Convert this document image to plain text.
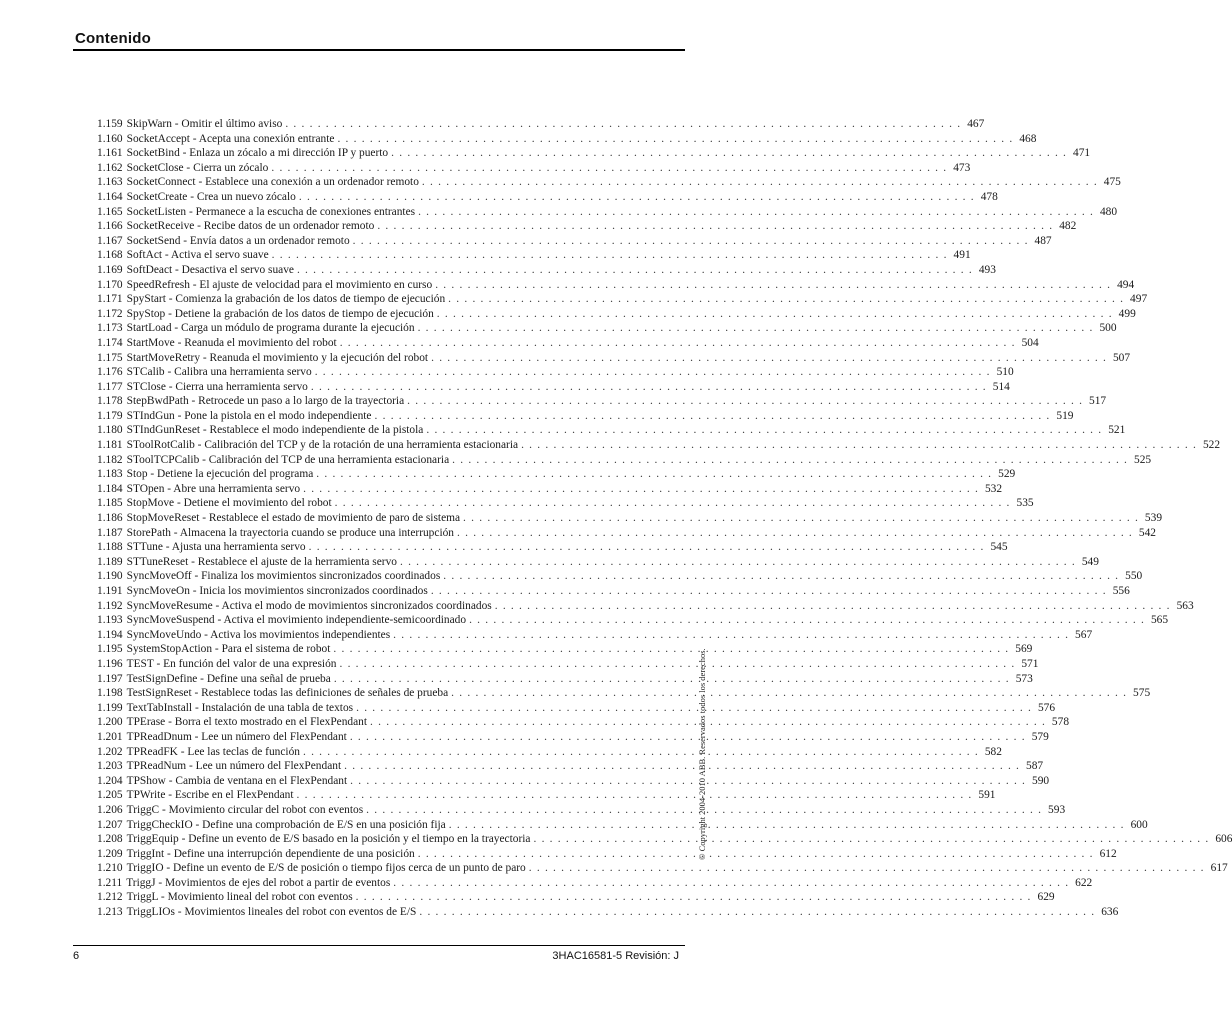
Contenido
1.159 SkipWarn - Omitir el último aviso . . .	467
1.160 SocketAccept - Acepta una conexión entrante . . .	468
1.161 SocketBind - Enlaza un zócalo a mi dirección IP y puerto . . .	471
1.162 SocketClose - Cierra un zócalo . . .	473
1.163 SocketConnect - Establece una conexión a un ordenador remoto . . .	475
1.164 SocketCreate - Crea un nuevo zócalo . . .	478
1.165 SocketListen - Permanece a la escucha de conexiones entrantes . . .	480
1.166 SocketReceive - Recibe datos de un ordenador remoto . . .	482
1.167 SocketSend - Envía datos a un ordenador remoto . . .	487
1.168 SoftAct - Activa el servo suave . . .	491
1.169 SoftDeact - Desactiva el servo suave . . .	493
1.170 SpeedRefresh - El ajuste de velocidad para el movimiento en curso . . .	494
1.171 SpyStart - Comienza la grabación de los datos de tiempo de ejecución . . .	497
1.172 SpyStop - Detiene la grabación de los datos de tiempo de ejecución . . .	499
1.173 StartLoad - Carga un módulo de programa durante la ejecución . . .	500
1.174 StartMove - Reanuda el movimiento del robot . . .	504
1.175 StartMoveRetry - Reanuda el movimiento y la ejecución del robot . . .	507
1.176 STCalib - Calibra una herramienta servo . . .	510
1.177 STClose - Cierra una herramienta servo . . .	514
1.178 StepBwdPath - Retrocede un paso a lo largo de la trayectoria . . .	517
1.179 STIndGun - Pone la pistola en el modo independiente . . .	519
1.180 STIndGunReset - Restablece el modo independiente de la pistola . . .	521
1.181 SToolRotCalib - Calibración del TCP y de la rotación de una herramienta estacionaria . . .	522
1.182 SToolTCPCalib - Calibración del TCP de una herramienta estacionaria . . .	525
1.183 Stop - Detiene la ejecución del programa . . .	529
1.184 STOpen - Abre una herramienta servo . . .	532
1.185 StopMove - Detiene el movimiento del robot . . .	535
1.186 StopMoveReset - Restablece el estado de movimiento de paro de sistema . . .	539
1.187 StorePath - Almacena la trayectoria cuando se produce una interrupción . . .	542
1.188 STTune - Ajusta una herramienta servo . . .	545
1.189 STTuneReset - Restablece el ajuste de la herramienta servo . . .	549
1.190 SyncMoveOff - Finaliza los movimientos sincronizados coordinados . . .	550
1.191 SyncMoveOn - Inicia los movimientos sincronizados coordinados . . .	556
1.192 SyncMoveResume - Activa el modo de movimientos sincronizados coordinados . . .	563
1.193 SyncMoveSuspend - Activa el movimiento independiente-semicoordinado . . .	565
1.194 SyncMoveUndo - Activa los movimientos independientes . . .	567
1.195 SystemStopAction - Para el sistema de robot . . .	569
1.196 TEST - En función del valor de una expresión . . .	571
1.197 TestSignDefine - Define una señal de prueba . . .	573
1.198 TestSignReset - Restablece todas las definiciones de señales de prueba . . .	575
1.199 TextTabInstall - Instalación de una tabla de textos . . .	576
1.200 TPErase - Borra el texto mostrado en el FlexPendant . . .	578
1.201 TPReadDnum - Lee un número del FlexPendant . . .	579
1.202 TPReadFK - Lee las teclas de función . . .	582
1.203 TPReadNum - Lee un número del FlexPendant . . .	587
1.204 TPShow - Cambia de ventana en el FlexPendant . . .	590
1.205 TPWrite - Escribe en el FlexPendant . . .	591
1.206 TriggC - Movimiento circular del robot con eventos . . .	593
1.207 TriggCheckIO - Define una comprobación de E/S en una posición fija . . .	600
1.208 TriggEquip - Define un evento de E/S basado en la posición y el tiempo en la trayectoria . . .	606
1.209 TriggInt - Define una interrupción dependiente de una posición . . .	612
1.210 TriggIO - Define un evento de E/S de posición o tiempo fijos cerca de un punto de paro . . .	617
1.211 TriggJ - Movimientos de ejes del robot a partir de eventos . . .	622
1.212 TriggL - Movimiento lineal del robot con eventos . . .	629
1.213 TriggLIOs - Movimientos lineales del robot con eventos de E/S . . .	636
© Copyright 2004-2010 ABB. Reservados todos los derechos.
6	3HAC16581-5 Revisión: J
